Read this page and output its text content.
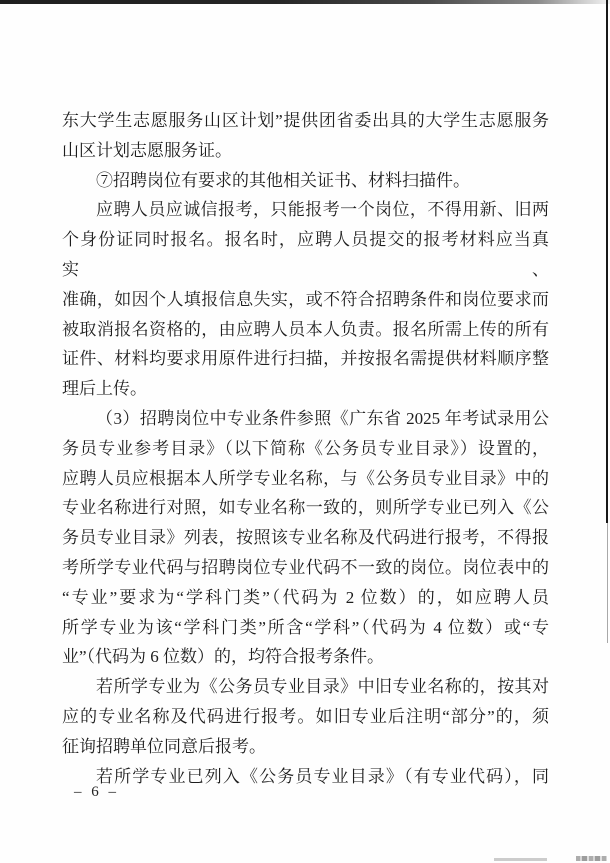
东大学生志愿服务山区计划”提供团省委出具的大学生志愿服务
山区计划志愿服务证。
⑦招聘岗位有要求的其他相关证书、材料扫描件。
应聘人员应诚信报考，只能报考一个岗位，不得用新、旧两
个身份证同时报名。报名时，应聘人员提交的报考材料应当真实、
准确，如因个人填报信息失实，或不符合招聘条件和岗位要求而
被取消报名资格的，由应聘人员本人负责。报名所需上传的所有
证件、材料均要求用原件进行扫描，并按报名需提供材料顺序整
理后上传。
（3）招聘岗位中专业条件参照《广东省 2025 年考试录用公
务员专业参考目录》（以下简称《公务员专业目录》）设置的，
应聘人员应根据本人所学专业名称，与《公务员专业目录》中的
专业名称进行对照，如专业名称一致的，则所学专业已列入《公
务员专业目录》列表，按照该专业名称及代码进行报考，不得报
考所学专业代码与招聘岗位专业代码不一致的岗位。岗位表中的
“专业”要求为“学科门类”（代码为 2 位数）的，如应聘人员
所学专业为该“学科门类”所含“学科”（代码为 4 位数）或“专
业”（代码为 6 位数）的，均符合报考条件。
若所学专业为《公务员专业目录》中旧专业名称的，按其对
应的专业名称及代码进行报考。如旧专业后注明“部分”的，须
征询招聘单位同意后报考。
若所学专业已列入《公务员专业目录》（有专业代码），同
– 6 –
